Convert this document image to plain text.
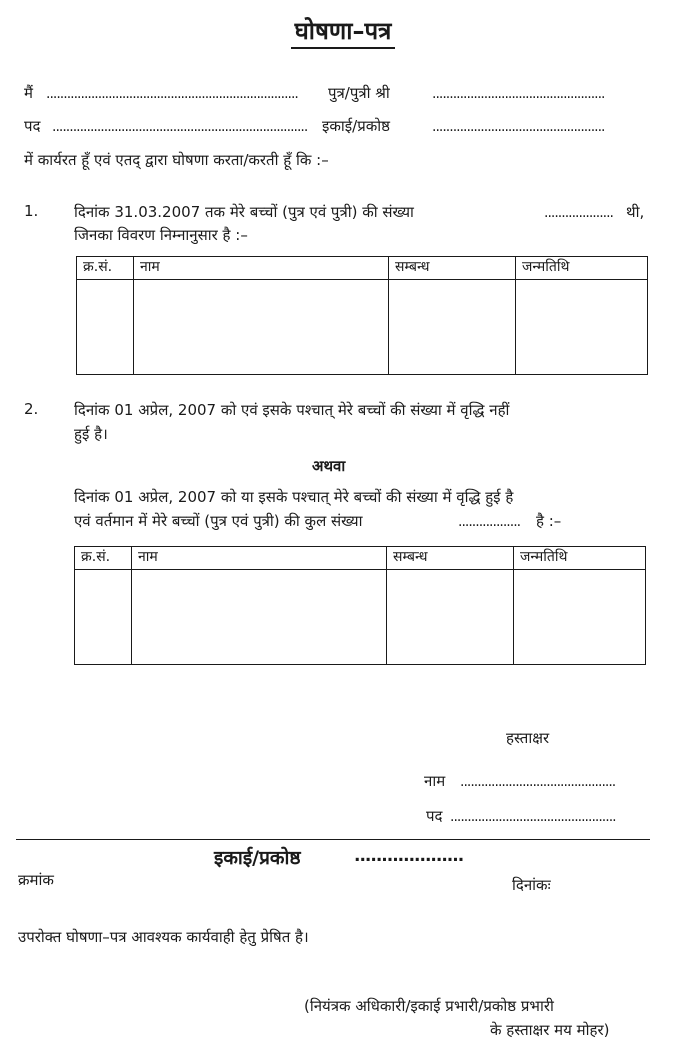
घोषणा–पत्र
मैं .........................................................................	पुत्र/पुत्री श्री	..................................................
पद .......................................................................... इकाई/प्रकोष्ठ	..................................................
में कार्यरत हूँ एवं एतद् द्वारा घोषणा करता/करती हूँ कि :–
1. दिनांक 31.03.2007 तक मेरे बच्चों (पुत्र एवं पुत्री) की संख्या	.................... थी,
जिनका विवरण निम्नानुसार है :–
क्र.सं.	नाम	सम्बन्ध	जन्मतिथि

2. दिनांक 01 अप्रेल, 2007 को एवं इसके पश्चात् मेरे बच्चों की संख्या में वृद्धि नहीं
हुई है।
अथवा
दिनांक 01 अप्रेल, 2007 को या इसके पश्चात् मेरे बच्चों की संख्या में वृद्धि हुई है
एवं वर्तमान में मेरे बच्चों (पुत्र एवं पुत्री) की कुल संख्या	..................	है :–
क्र.सं.	नाम	सम्बन्ध	जन्मतिथि

हस्ताक्षर
नाम .............................................
पद ................................................
इकाई/प्रकोष्ठ	....................
क्रमांक	दिनांकः
उपरोक्त घोषणा–पत्र आवश्यक कार्यवाही हेतु प्रेषित है।
(नियंत्रक अधिकारी/इकाई प्रभारी/प्रकोष्ठ प्रभारी
के हस्ताक्षर मय मोहर)
